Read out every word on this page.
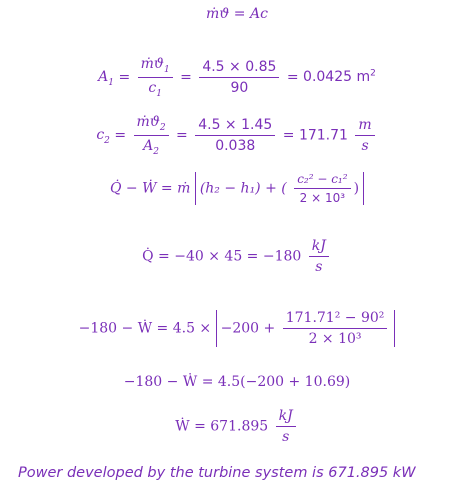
ṁϑ = Ac
$A_1 = \frac{ṁϑ_1}{c_1} = \frac{4.5 \times 0.85}{90} = 0.0425$ $m^2$
$c_2 = \frac{ṁϑ_2}{A_2} = \frac{4.5 \times 1.45}{0.038} = 171.71 \frac{m}{s}$
Q̇ − Ẇ = ṁ (h₂ − h₁) + ( $\frac{\text{c₂² − c₁²}}{\text{2 × 10³}}$ )
Q̇ = $-40 \times 45 = -180 \frac{kJ}{s}$
−180 − Ẇ = $4.5 \times -200 + \frac{\text{171.71² − 90²}}{\text{2 × 10³}}$
−180 − Ẇ = 4.5(−200 + 10.69)
Ẇ = $671.895 \frac{kJ}{s}$
Power developed by the turbine system is 671.895 kW
